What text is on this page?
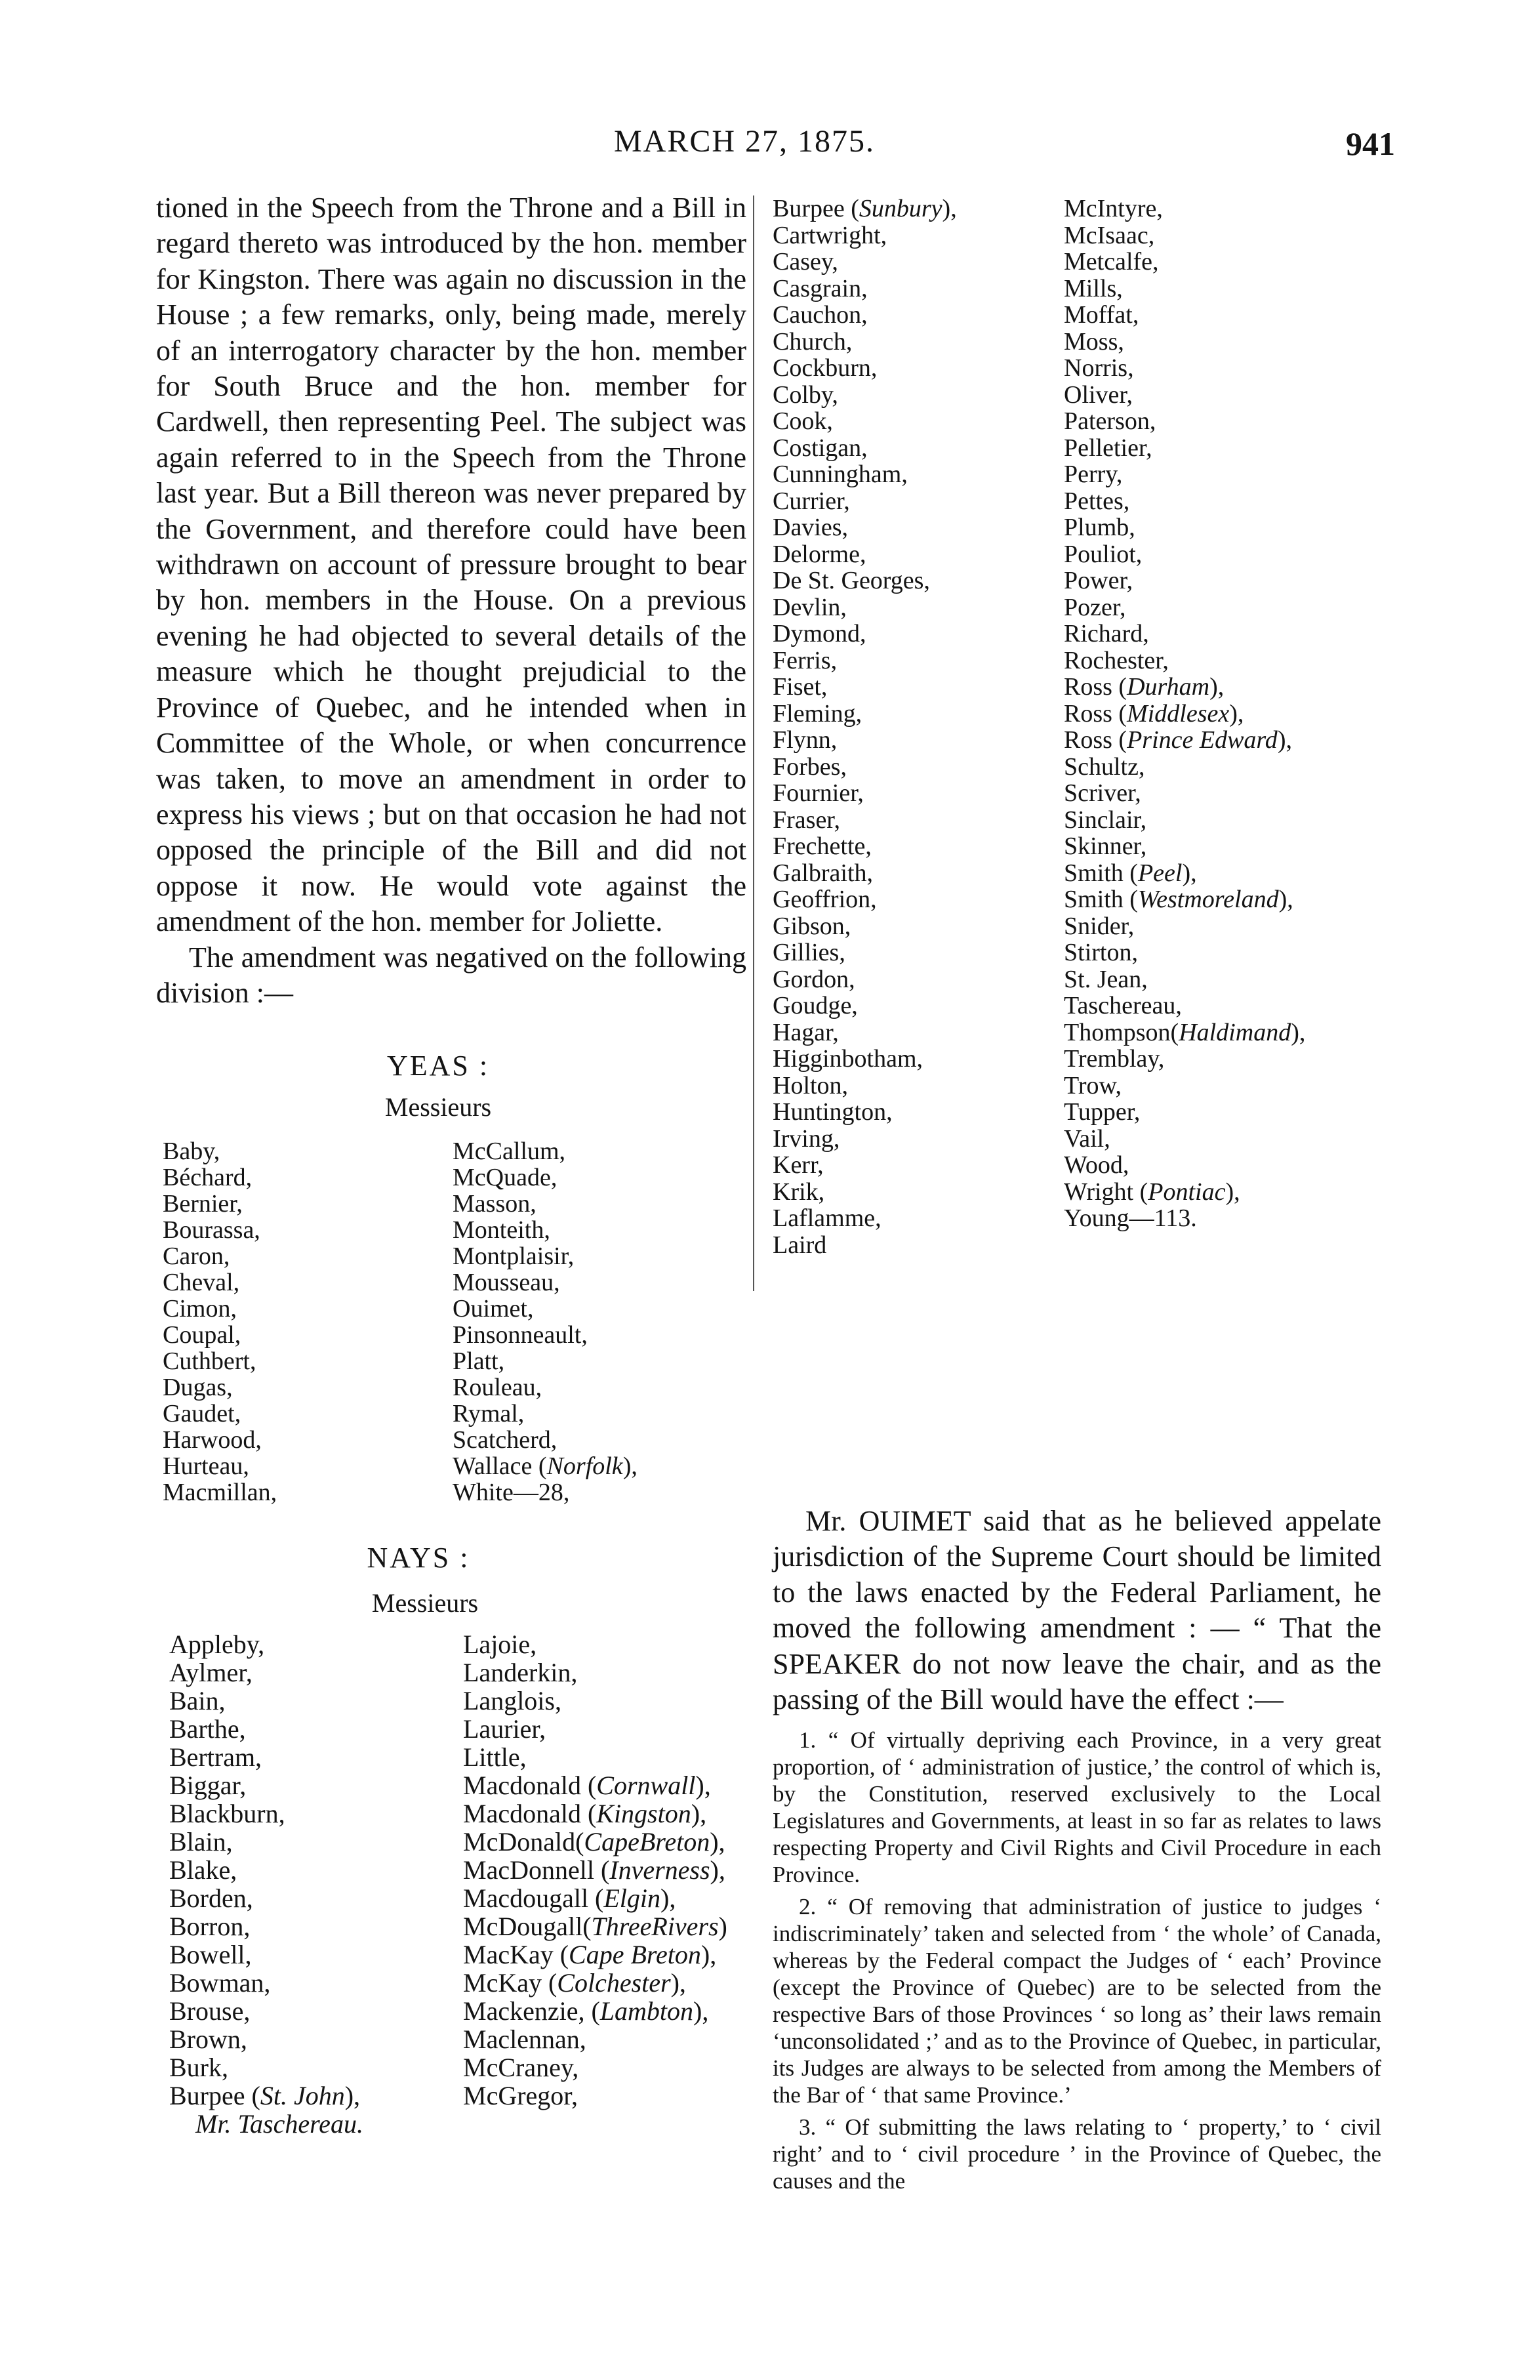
MARCH 27, 1875.	941

tioned in the Speech from the Throne and a Bill in regard thereto was introduced by the hon. member for Kingston. There was again no discussion in the House ; a few remarks, only, being made, merely of an interrogatory character by the hon. member for South Bruce and the hon. member for Cardwell, then representing Peel. The subject was again referred to in the Speech from the Throne last year. But a Bill thereon was never prepared by the Government, and therefore could have been withdrawn on account of pressure brought to bear by hon. members in the House. On a previous evening he had objected to several details of the measure which he thought prejudicial to the Province of Quebec, and he intended when in Committee of the Whole, or when concurrence was taken, to move an amendment in order to express his views ; but on that occasion he had not opposed the principle of the Bill and did not oppose it now. He would vote against the amendment of the hon. member for Joliette.

The amendment was negatived on the following division :—

YEAS :

Messieurs

Baby,
Béchard,
Bernier,
Bourassa,
Caron,
Cheval,
Cimon,
Coupal,
Cuthbert,
Dugas,
Gaudet,
Harwood,
Hurteau,
Macmillan,
McCallum,
McQuade,
Masson,
Monteith,
Montplaisir,
Mousseau,
Ouimet,
Pinsonneault,
Platt,
Rouleau,
Rymal,
Scatcherd,
Wallace (Norfolk),
White—28,

NAYS :

Messieurs

Appleby,
Aylmer,
Bain,
Barthe,
Bertram,
Biggar,
Blackburn,
Blain,
Blake,
Borden,
Borron,
Bowell,
Bowman,
Brouse,
Brown,
Burk,
Burpee (St. John),
Mr. Taschereau.
Lajoie,
Landerkin,
Langlois,
Laurier,
Little,
Macdonald (Cornwall),
Macdonald (Kingston),
McDonald(CapeBreton),
MacDonnell (Inverness),
Macdougall (Elgin),
McDougall(ThreeRivers)
MacKay (Cape Breton),
McKay (Colchester),
Mackenzie, (Lambton),
Maclennan,
McCraney,
McGregor,
Burpee (Sunbury),
Cartwright,
Casey,
Casgrain,
Cauchon,
Church,
Cockburn,
Colby,
Cook,
Costigan,
Cunningham,
Currier,
Davies,
Delorme,
De St. Georges,
Devlin,
Dymond,
Ferris,
Fiset,
Fleming,
Flynn,
Forbes,
Fournier,
Fraser,
Frechette,
Galbraith,
Geoffrion,
Gibson,
Gillies,
Gordon,
Goudge,
Hagar,
Higginbotham,
Holton,
Huntington,
Irving,
Kerr,
Krik,
Laflamme,
Laird
McIntyre,
McIsaac,
Metcalfe,
Mills,
Moffat,
Moss,
Norris,
Oliver,
Paterson,
Pelletier,
Perry,
Pettes,
Plumb,
Pouliot,
Power,
Pozer,
Richard,
Rochester,
Ross (Durham),
Ross (Middlesex),
Ross (Prince Edward),
Schultz,
Scriver,
Sinclair,
Skinner,
Smith (Peel),
Smith (Westmoreland),
Snider,
Stirton,
St. Jean,
Taschereau,
Thompson(Haldimand),
Tremblay,
Trow,
Tupper,
Vail,
Wood,
Wright (Pontiac),
Young—113.

Mr. OUIMET said that as he believed appelate jurisdiction of the Supreme Court should be limited to the laws enacted by the Federal Parliament, he moved the following amendment : — “ That the SPEAKER do not now leave the chair, and as the passing of the Bill would have the effect :—

1. “ Of virtually depriving each Province, in a very great proportion, of ‘ administration of justice,’ the control of which is, by the Constitution, reserved exclusively to the Local Legislatures and Governments, at least in so far as relates to laws respecting Property and Civil Rights and Civil Procedure in each Province.

2. “ Of removing that administration of justice to judges ‘ indiscriminately’ taken and selected from ‘ the whole’ of Canada, whereas by the Federal compact the Judges of ‘ each’ Province (except the Province of Quebec) are to be selected from the respective Bars of those Provinces ‘ so long as’ their laws remain ‘unconsolidated ;’ and as to the Province of Quebec, in particular, its Judges are always to be selected from among the Members of the Bar of ‘ that same Province.’

3. “ Of submitting the laws relating to ‘ property,’ to ‘ civil right’ and to ‘ civil procedure ’ in the Province of Quebec, the causes and the
